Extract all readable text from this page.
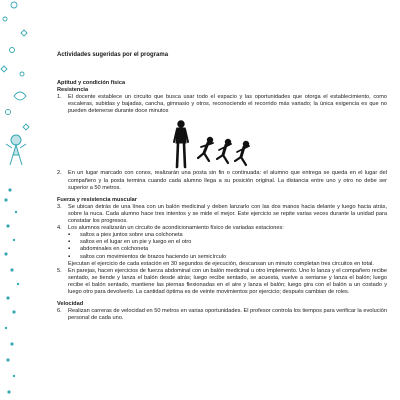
Actividades sugeridas por el programa

Aptitud y condición física

Resistencia

1.	El docente establece un circuito que busca usar todo el espacio y las oportunidades que otorga el establecimiento, como escaleras, subidas y bajadas, cancha, gimnasio y otros, reconociendo el recorrido más variado; la única exigencia es que no pueden detenerse durante doce minutos
2.	En un lugar marcado con conos, realizarán una posta sin fin o continuada: el alumno que entrega se queda en el lugar del compañero y la posta termina cuando cada alumno llega a su posición original. La distancia entre uno y otro no debe ser superior a 50 metros.

Fuerza y resistencia muscular

3.	Se ubican detrás de una línea con un balón medicinal y deben lanzarlo con las dos manos hacia delante y luego hacia atrás, sobre la nuca. Cada alumno hace tres intentos y se mide el mejor. Este ejercicio se repite varias veces durante la unidad para constatar los progresos.
4.	Los alumnos realizarán un circuito de acondicionamiento físico de variadas estaciones:
▪	saltos a pies juntos sobre una colchoneta
▪	saltos en el lugar en un pie y luego en el otro
▪	abdominales en colchoneta
▪	saltos con movimientos de brazos haciendo un semicírculo
Ejecutan el ejercicio de cada estación en 30 segundos de ejecución, descansan un minuto completan tres circuitos en total.
5.	En parejas, hacen ejercicios de fuerza abdominal con un balón medicinal u otro implemento. Uno lo lanza y el compañero recibe sentado, se tiende y lanza el balón desde atrás; luego recibe sentado, se acuesta, vuelve a sentarse y lanza el balón; luego recibe el balón sentado, mantiene las piernas flexionadas en el aire y lanza el balón; luego gira con el balón a un costado y luego otro para devolverlo. La cantidad óptima es de veinte movimientos por ejercicio; después cambian de roles.

Velocidad

6.	Realizan carreras de velocidad en 50 metros en varias oportunidades. El profesor controla los tiempos para verificar la evolución personal de cada uno.
